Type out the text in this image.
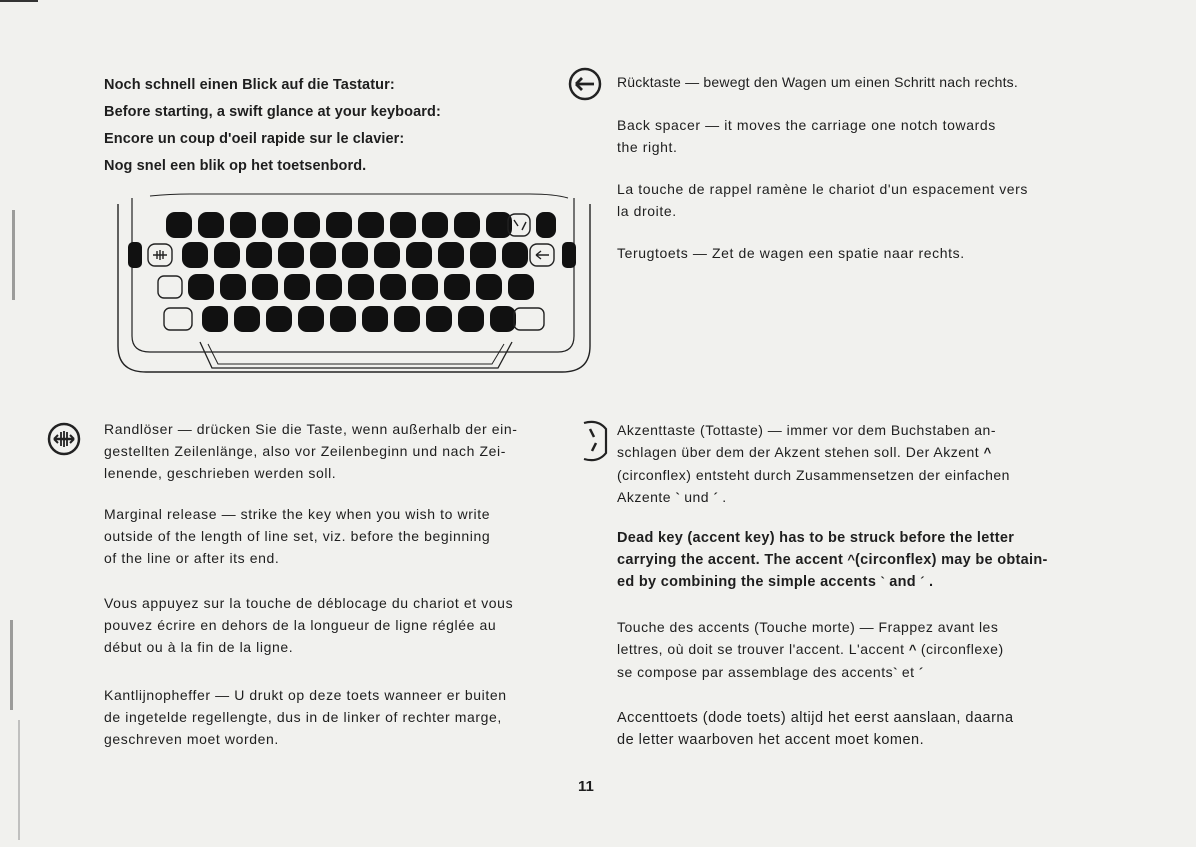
Noch schnell einen Blick auf die Tastatur:
Before starting, a swift glance at your keyboard:
Encore un coup d'oeil rapide sur le clavier:
Nog snel een blik op het toetsenbord.
Randlöser — drücken Sie die Taste, wenn außerhalb der ein-
gestellten Zeilenlänge, also vor Zeilenbeginn und nach Zei-
lenende, geschrieben werden soll.
Marginal release — strike the key when you wish to write
outside of the length of line set, viz. before the beginning
of the line or after its end.
Vous appuyez sur la touche de déblocage du chariot et vous
pouvez écrire en dehors de la longueur de ligne réglée au
début ou à la fin de la ligne.
Kantlijnopheffer — U drukt op deze toets wanneer er buiten
de ingetelde regellengte, dus in de linker of rechter marge,
geschreven moet worden.
Rücktaste — bewegt den Wagen um einen Schritt nach rechts.
Back spacer — it moves the carriage one notch towards
the right.
La touche de rappel ramène le chariot d'un espacement vers
la droite.
Terugtoets — Zet de wagen een spatie naar rechts.
Akzenttaste (Tottaste) — immer vor dem Buchstaben an-
schlagen über dem der Akzent stehen soll. Der Akzent ^
(circonflex) entsteht durch Zusammensetzen der einfachen
Akzente ` und ´ .
Dead key (accent key) has to be struck before the letter
carrying the accent. The accent ^(circonflex) may be obtain-
ed by combining the simple accents ` and ´ .
Touche des accents (Touche morte) — Frappez avant les
lettres, où doit se trouver l'accent. L'accent ^ (circonflexe)
se compose par assemblage des accents` et ´
Accenttoets (dode toets) altijd het eerst aanslaan, daarna
de letter waarboven het accent moet komen.
11
